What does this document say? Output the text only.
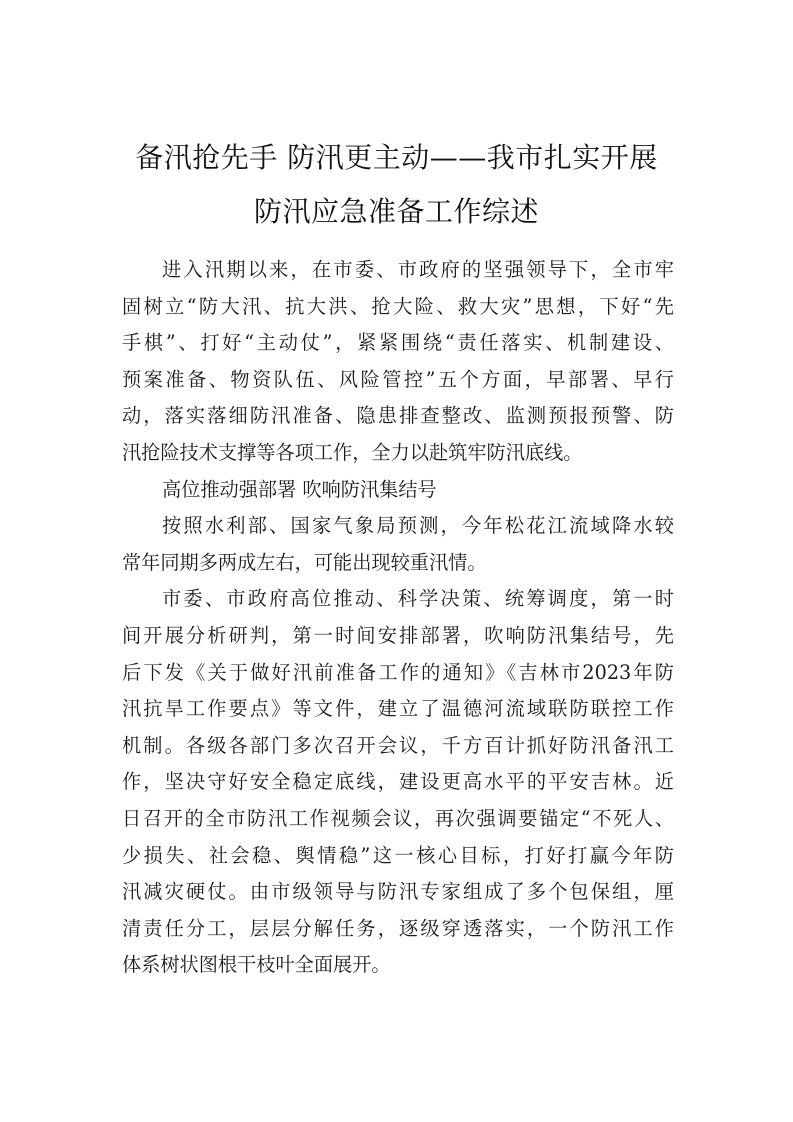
备汛抢先手 防汛更主动——我市扎实开展
防汛应急准备工作综述
进入汛期以来，在市委、市政府的坚强领导下，全市牢
固树立“防大汛、抗大洪、抢大险、救大灾”思想，下好“先
手棋”、打好“主动仗”，紧紧围绕“责任落实、机制建设、
预案准备、物资队伍、风险管控”五个方面，早部署、早行
动，落实落细防汛准备、隐患排查整改、监测预报预警、防
汛抢险技术支撑等各项工作，全力以赴筑牢防汛底线。
高位推动强部署 吹响防汛集结号
按照水利部、国家气象局预测，今年松花江流域降水较
常年同期多两成左右，可能出现较重汛情。
市委、市政府高位推动、科学决策、统筹调度，第一时
间开展分析研判，第一时间安排部署，吹响防汛集结号，先
后下发《关于做好汛前准备工作的通知》《吉林市2023年防
汛抗旱工作要点》等文件，建立了温德河流域联防联控工作
机制。各级各部门多次召开会议，千方百计抓好防汛备汛工
作，坚决守好安全稳定底线，建设更高水平的平安吉林。近
日召开的全市防汛工作视频会议，再次强调要锚定“不死人、
少损失、社会稳、舆情稳”这一核心目标，打好打赢今年防
汛减灾硬仗。由市级领导与防汛专家组成了多个包保组，厘
清责任分工，层层分解任务，逐级穿透落实，一个防汛工作
体系树状图根干枝叶全面展开。
